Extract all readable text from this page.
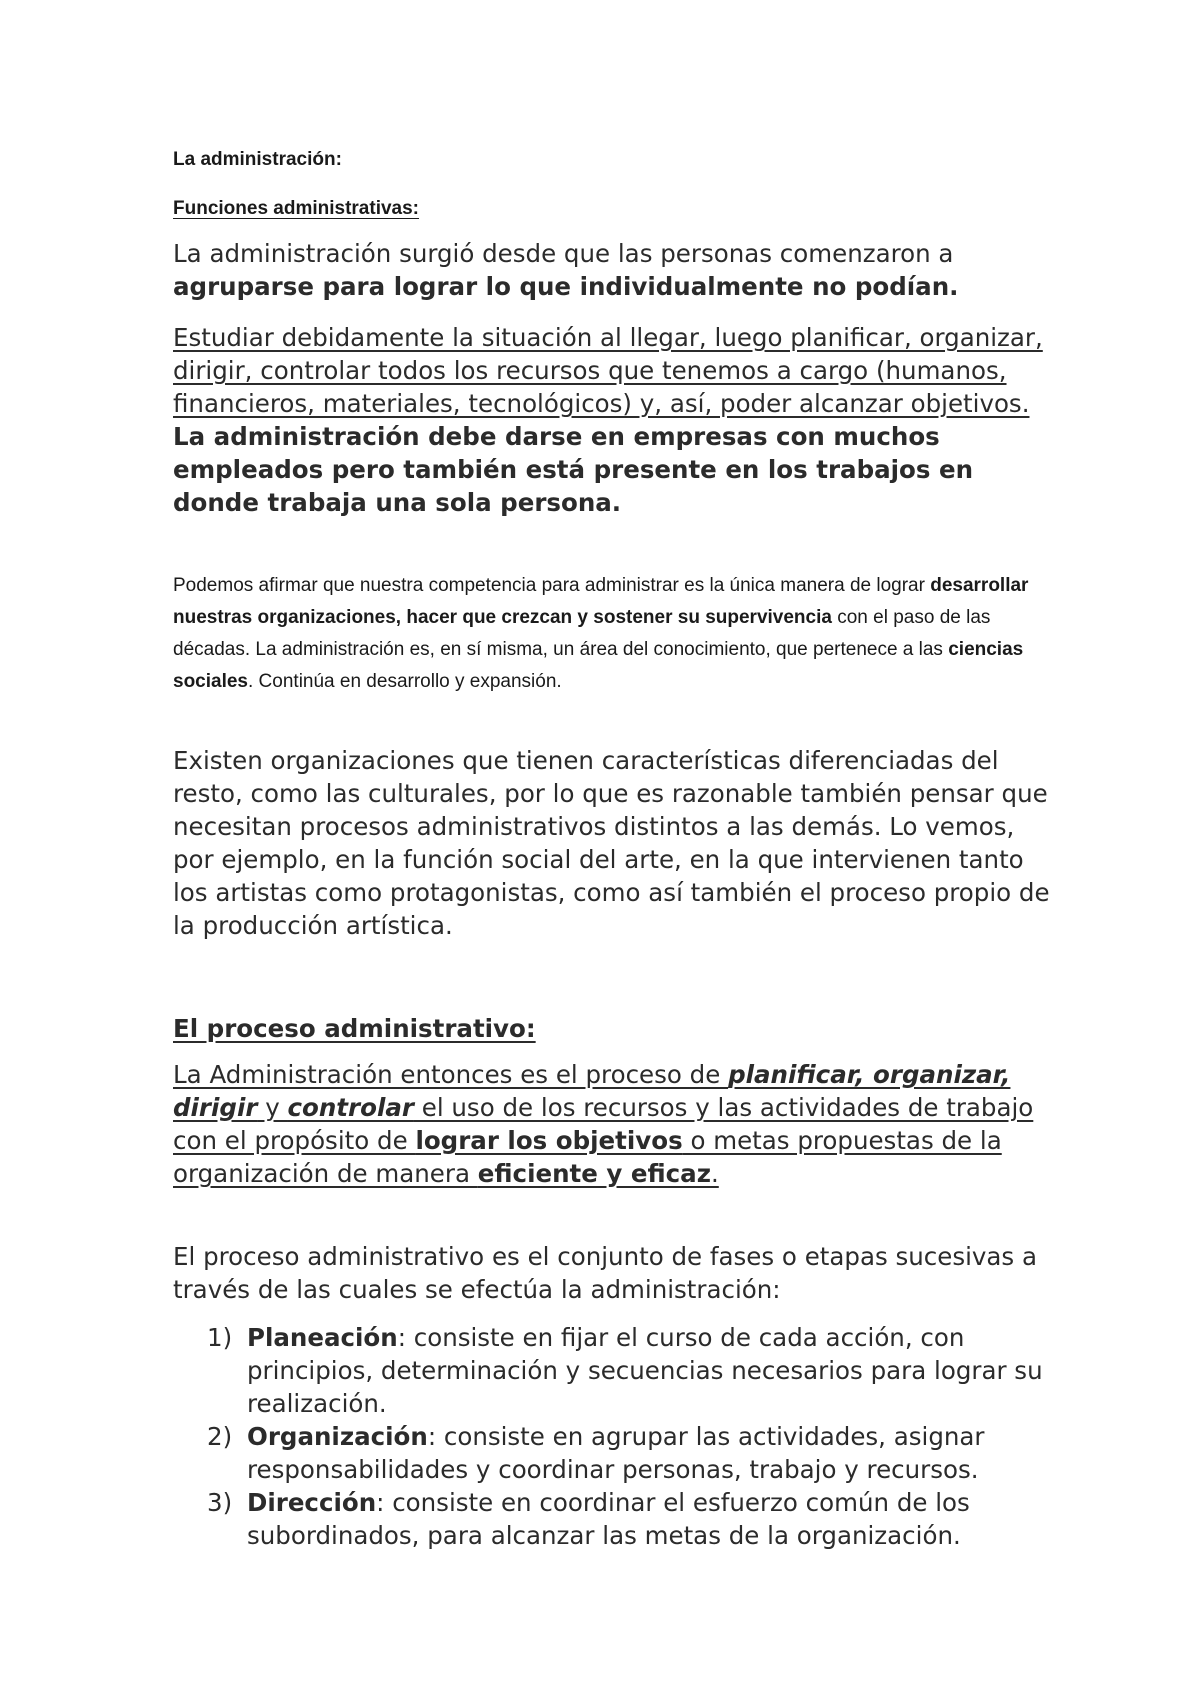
La administración:

Funciones administrativas:

La administración surgió desde que las personas comenzaron a agruparse para lograr lo que individualmente no podían.

Estudiar debidamente la situación al llegar, luego planificar, organizar, dirigir, controlar todos los recursos que tenemos a cargo (humanos, financieros, materiales, tecnológicos) y, así, poder alcanzar objetivos. La administración debe darse en empresas con muchos empleados pero también está presente en los trabajos en donde trabaja una sola persona.

Podemos afirmar que nuestra competencia para administrar es la única manera de lograr desarrollar nuestras organizaciones, hacer que crezcan y sostener su supervivencia con el paso de las décadas. La administración es, en sí misma, un área del conocimiento, que pertenece a las ciencias sociales. Continúa en desarrollo y expansión.

Existen organizaciones que tienen características diferenciadas del resto, como las culturales, por lo que es razonable también pensar que necesitan procesos administrativos distintos a las demás. Lo vemos, por ejemplo, en la función social del arte, en la que intervienen tanto los artistas como protagonistas, como así también el proceso propio de la producción artística.

El proceso administrativo:

La Administración entonces es el proceso de planificar, organizar, dirigir y controlar el uso de los recursos y las actividades de trabajo con el propósito de lograr los objetivos o metas propuestas de la organización de manera eficiente y eficaz.

El proceso administrativo es el conjunto de fases o etapas sucesivas a través de las cuales se efectúa la administración:

1) Planeación: consiste en fijar el curso de cada acción, con principios, determinación y secuencias necesarios para lograr su realización.
2) Organización: consiste en agrupar las actividades, asignar responsabilidades y coordinar personas, trabajo y recursos.
3) Dirección: consiste en coordinar el esfuerzo común de los subordinados, para alcanzar las metas de la organización.
